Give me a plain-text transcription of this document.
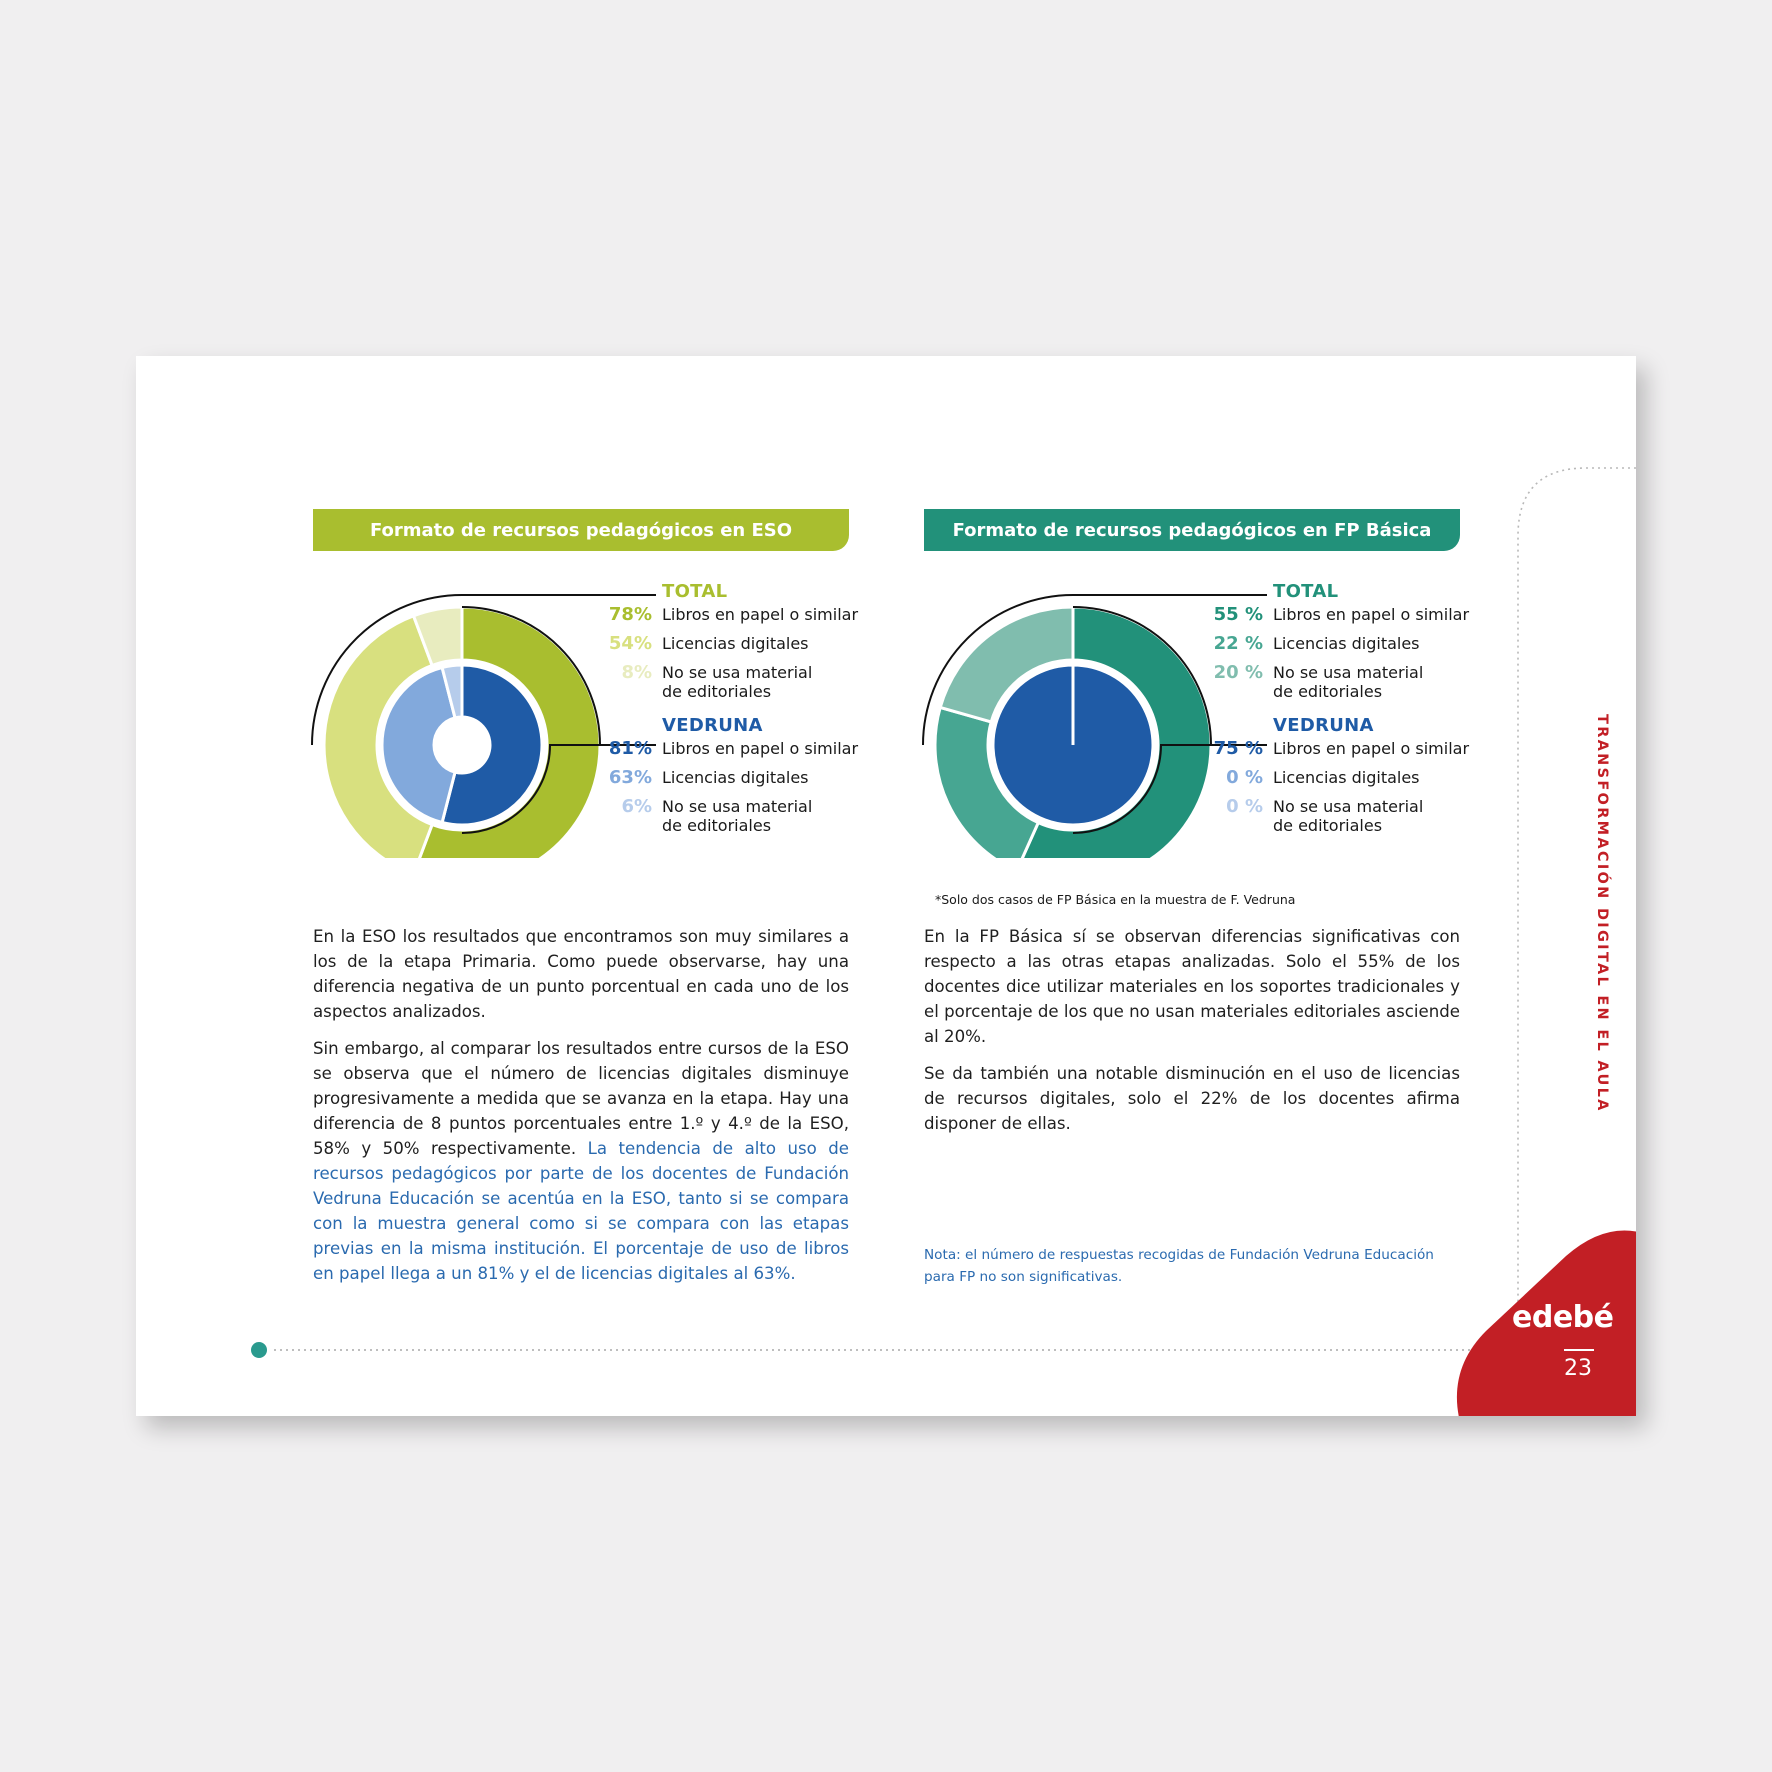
Formato de recursos pedagógicos en ESO	Formato de recursos pedagógicos en FP Básica
TOTAL
78% Libros en papel o similar
54% Licencias digitales
8% No se usa material
de editoriales
VEDRUNA
81% Libros en papel o similar
63% Licencias digitales
6% No se usa material
de editoriales
TOTAL
55 % Libros en papel o similar
22 % Licencias digitales
20 % No se usa material
de editoriales
VEDRUNA
75 % Libros en papel o similar
0 % Licencias digitales
0 % No se usa material
de editoriales
*Solo dos casos de FP Básica en la muestra de F. Vedruna

En la ESO los resultados que encontramos son muy similares a los de la etapa Primaria. Como puede observarse, hay una diferencia negativa de un punto porcentual en cada uno de los aspectos analizados.

Sin embargo, al comparar los resultados entre cursos de la ESO se observa que el número de licencias digitales disminuye progresivamente a medida que se avanza en la etapa. Hay una diferencia de 8 puntos porcentuales entre 1.º y 4.º de la ESO, 58% y 50% respectivamente. La tendencia de alto uso de recursos pedagógicos por parte de los docentes de Fundación Vedruna Educación se acentúa en la ESO, tanto si se compara con la muestra general como si se compara con las etapas previas en la misma institución. El porcentaje de uso de libros en papel llega a un 81% y el de licencias digitales al 63%.

En la FP Básica sí se observan diferencias significativas con respecto a las otras etapas analizadas. Solo el 55% de los docentes dice utilizar materiales en los soportes tradicionales y el porcentaje de los que no usan materiales editoriales asciende al 20%.

Se da también una notable disminución en el uso de licencias de recursos digitales, solo el 22% de los docentes afirma disponer de ellas.

Nota: el número de respuestas recogidas de Fundación Vedruna Educación para FP no son significativas.
TRANSFORMACIÓN DIGITAL EN EL AULA
edebé
23
